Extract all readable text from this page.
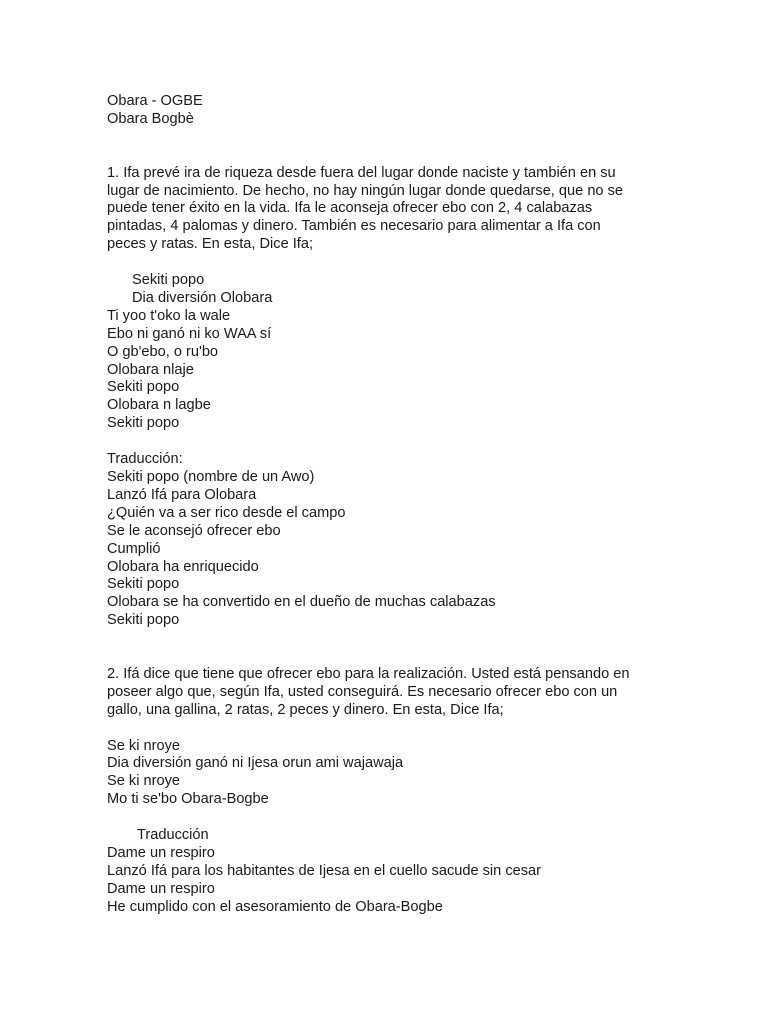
Obara - OGBE
Obara Bogbè
1. Ifa prevé ira de riqueza desde fuera del lugar donde naciste y también en su
lugar de nacimiento. De hecho, no hay ningún lugar donde quedarse, que no se
puede tener éxito en la vida. Ifa le aconseja ofrecer ebo con 2, 4 calabazas
pintadas, 4 palomas y dinero. También es necesario para alimentar a Ifa con
peces y ratas. En esta, Dice Ifa;
Sekiti popo
Dia diversión Olobara
Ti yoo t'oko la wale
Ebo ni ganó ni ko WAA sí
O gb'ebo, o ru'bo
Olobara nlaje
Sekiti popo
Olobara n lagbe
Sekiti popo
Traducción:
Sekiti popo (nombre de un Awo)
Lanzó Ifá para Olobara
¿Quién va a ser rico desde el campo
Se le aconsejó ofrecer ebo
Cumplió
Olobara ha enriquecido
Sekiti popo
Olobara se ha convertido en el dueño de muchas calabazas
Sekiti popo
2. Ifá dice que tiene que ofrecer ebo para la realización. Usted está pensando en
poseer algo que, según Ifa, usted conseguirá. Es necesario ofrecer ebo con un
gallo, una gallina, 2 ratas, 2 peces y dinero. En esta, Dice Ifa;
Se ki nroye
Dia diversión ganó ni Ijesa orun ami wajawaja
Se ki nroye
Mo ti se'bo Obara-Bogbe
Traducción
Dame un respiro
Lanzó Ifá para los habitantes de Ijesa en el cuello sacude sin cesar
Dame un respiro
He cumplido con el asesoramiento de Obara-Bogbe
